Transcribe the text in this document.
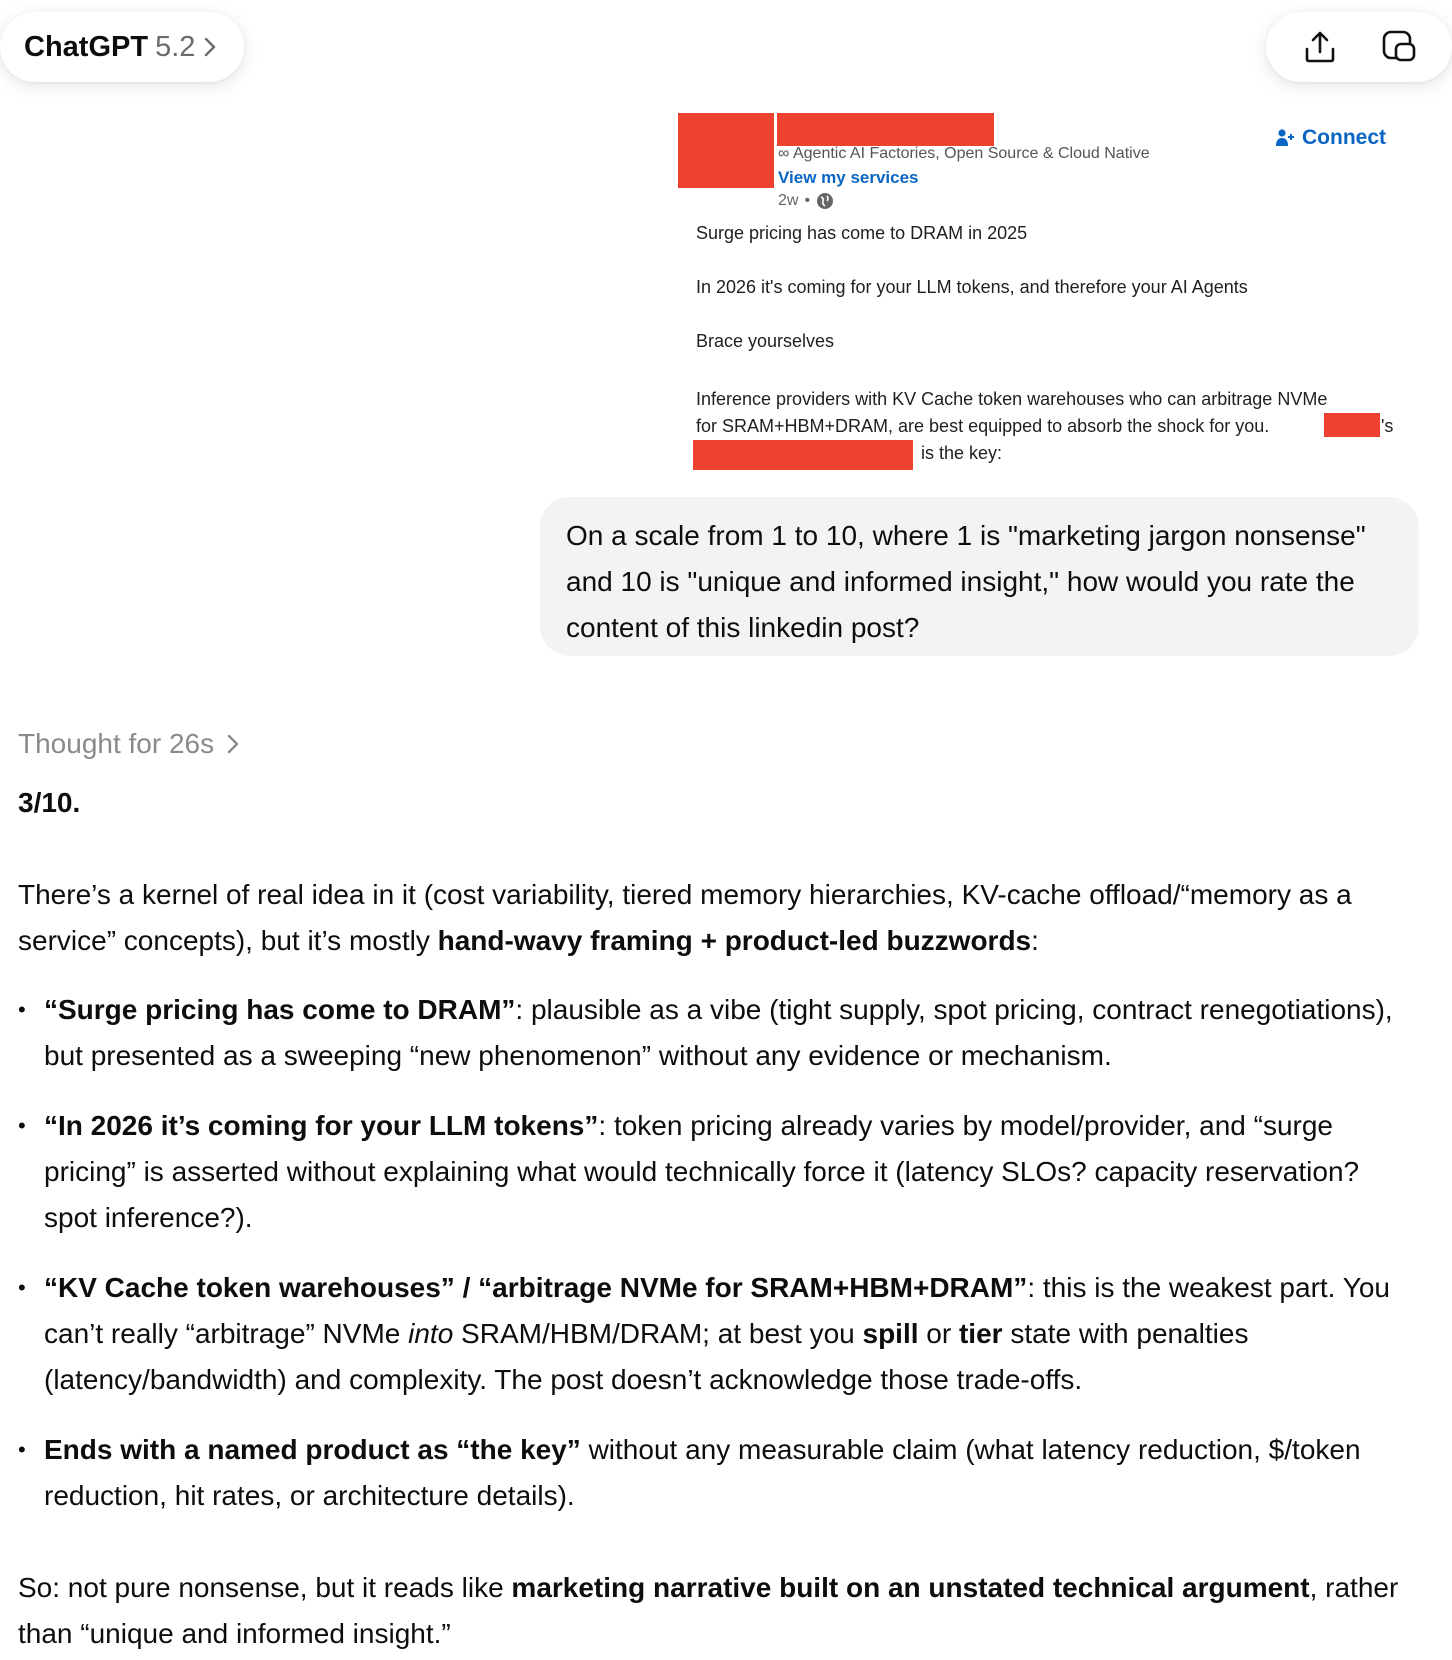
ChatGPT 5.2
∞ Agentic AI Factories, Open Source & Cloud Native
View my services
2w •
Connect
Surge pricing has come to DRAM in 2025
In 2026 it's coming for your LLM tokens, and therefore your AI Agents
Brace yourselves
Inference providers with KV Cache token warehouses who can arbitrage NVMe
for SRAM+HBM+DRAM, are best equipped to absorb the shock for you.	's
is the key:
On a scale from 1 to 10, where 1 is "marketing jargon nonsense" and 10 is "unique and informed insight," how would you rate the content of this linkedin post?
Thought for 26s

3/10.

There’s a kernel of real idea in it (cost variability, tiered memory hierarchies, KV-cache offload/“memory as a service” concepts), but it’s mostly hand-wavy framing + product-led buzzwords:

• “Surge pricing has come to DRAM”: plausible as a vibe (tight supply, spot pricing, contract renegotiations), but presented as a sweeping “new phenomenon” without any evidence or mechanism.
• “In 2026 it’s coming for your LLM tokens”: token pricing already varies by model/provider, and “surge pricing” is asserted without explaining what would technically force it (latency SLOs? capacity reservation? spot inference?).
• “KV Cache token warehouses” / “arbitrage NVMe for SRAM+HBM+DRAM”: this is the weakest part. You can’t really “arbitrage” NVMe into SRAM/HBM/DRAM; at best you spill or tier state with penalties (latency/bandwidth) and complexity. The post doesn’t acknowledge those trade-offs.
• Ends with a named product as “the key” without any measurable claim (what latency reduction, $/token reduction, hit rates, or architecture details).

So: not pure nonsense, but it reads like marketing narrative built on an unstated technical argument, rather than “unique and informed insight.”
